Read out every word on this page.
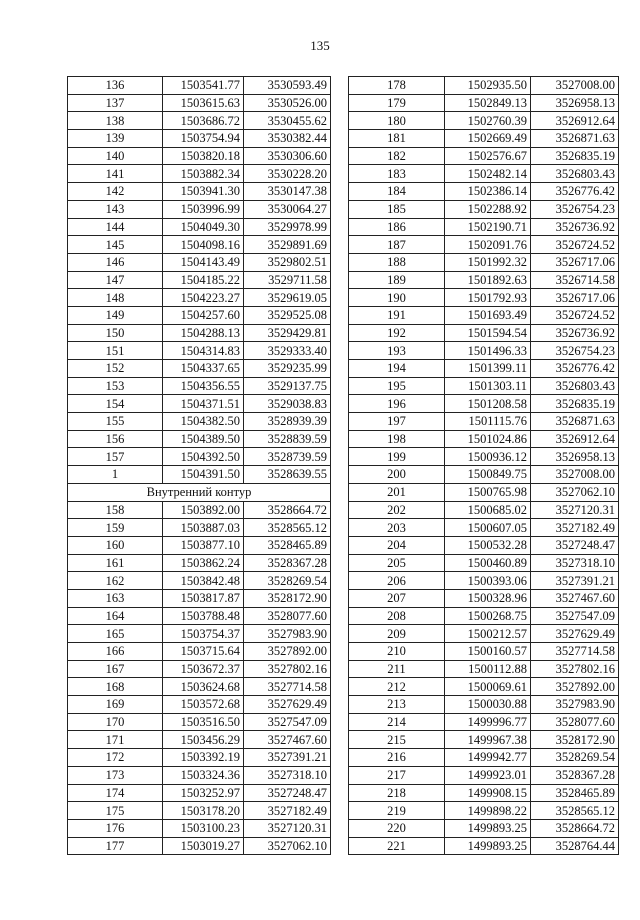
135
136	1503541.77	3530593.49
137	1503615.63	3530526.00
138	1503686.72	3530455.62
139	1503754.94	3530382.44
140	1503820.18	3530306.60
141	1503882.34	3530228.20
142	1503941.30	3530147.38
143	1503996.99	3530064.27
144	1504049.30	3529978.99
145	1504098.16	3529891.69
146	1504143.49	3529802.51
147	1504185.22	3529711.58
148	1504223.27	3529619.05
149	1504257.60	3529525.08
150	1504288.13	3529429.81
151	1504314.83	3529333.40
152	1504337.65	3529235.99
153	1504356.55	3529137.75
154	1504371.51	3529038.83
155	1504382.50	3528939.39
156	1504389.50	3528839.59
157	1504392.50	3528739.59
1	1504391.50	3528639.55
Внутренний контур		
158	1503892.00	3528664.72
159	1503887.03	3528565.12
160	1503877.10	3528465.89
161	1503862.24	3528367.28
162	1503842.48	3528269.54
163	1503817.87	3528172.90
164	1503788.48	3528077.60
165	1503754.37	3527983.90
166	1503715.64	3527892.00
167	1503672.37	3527802.16
168	1503624.68	3527714.58
169	1503572.68	3527629.49
170	1503516.50	3527547.09
171	1503456.29	3527467.60
172	1503392.19	3527391.21
173	1503324.36	3527318.10
174	1503252.97	3527248.47
175	1503178.20	3527182.49
176	1503100.23	3527120.31
177	1503019.27	3527062.10
178	1502935.50	3527008.00
179	1502849.13	3526958.13
180	1502760.39	3526912.64
181	1502669.49	3526871.63
182	1502576.67	3526835.19
183	1502482.14	3526803.43
184	1502386.14	3526776.42
185	1502288.92	3526754.23
186	1502190.71	3526736.92
187	1502091.76	3526724.52
188	1501992.32	3526717.06
189	1501892.63	3526714.58
190	1501792.93	3526717.06
191	1501693.49	3526724.52
192	1501594.54	3526736.92
193	1501496.33	3526754.23
194	1501399.11	3526776.42
195	1501303.11	3526803.43
196	1501208.58	3526835.19
197	1501115.76	3526871.63
198	1501024.86	3526912.64
199	1500936.12	3526958.13
200	1500849.75	3527008.00
201	1500765.98	3527062.10
202	1500685.02	3527120.31
203	1500607.05	3527182.49
204	1500532.28	3527248.47
205	1500460.89	3527318.10
206	1500393.06	3527391.21
207	1500328.96	3527467.60
208	1500268.75	3527547.09
209	1500212.57	3527629.49
210	1500160.57	3527714.58
211	1500112.88	3527802.16
212	1500069.61	3527892.00
213	1500030.88	3527983.90
214	1499996.77	3528077.60
215	1499967.38	3528172.90
216	1499942.77	3528269.54
217	1499923.01	3528367.28
218	1499908.15	3528465.89
219	1499898.22	3528565.12
220	1499893.25	3528664.72
221	1499893.25	3528764.44
